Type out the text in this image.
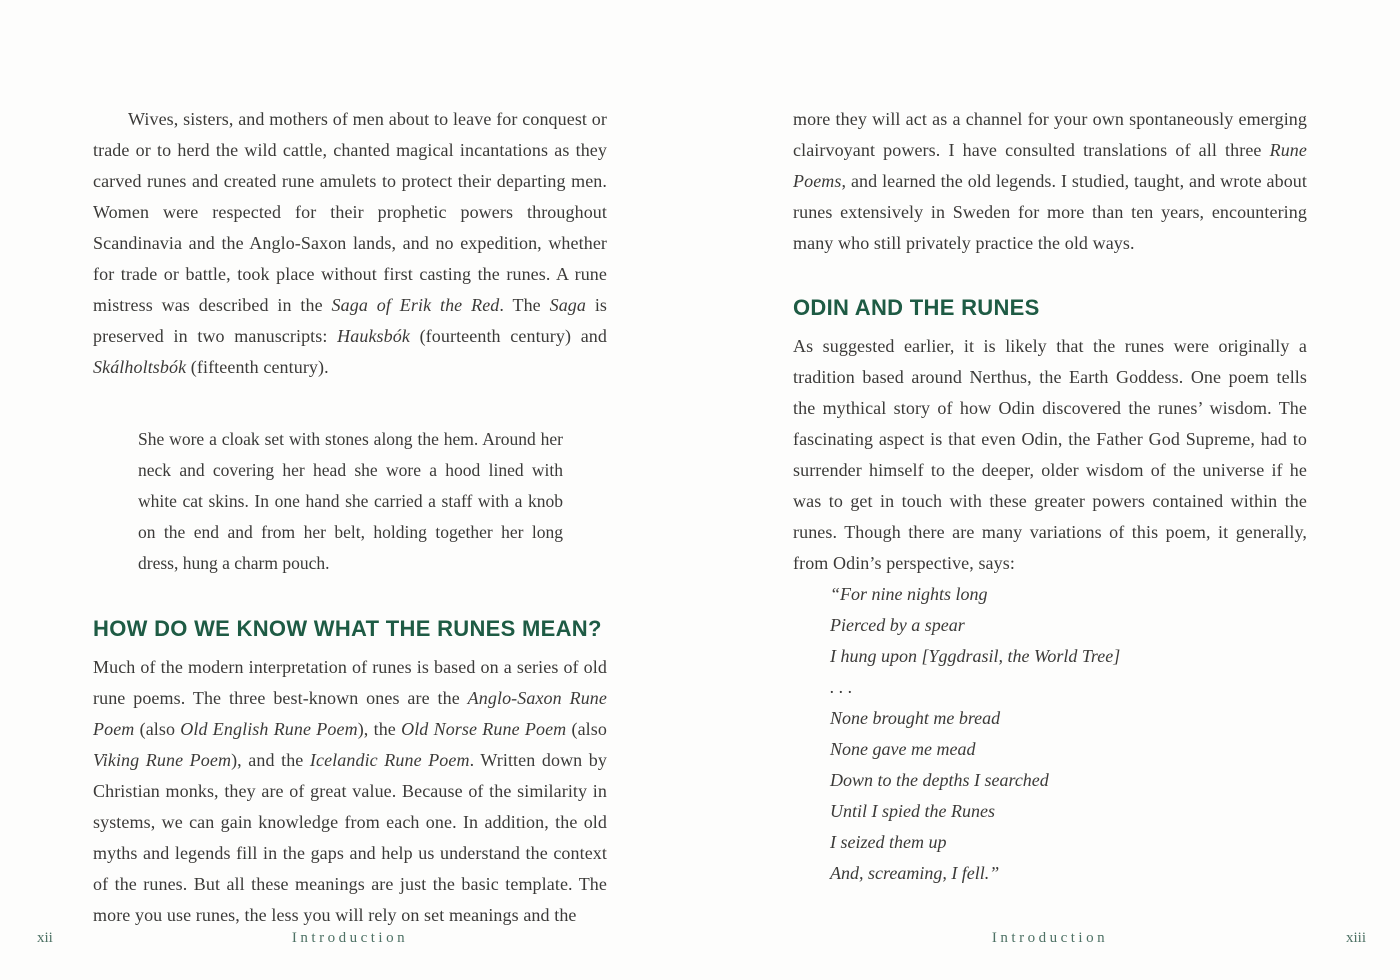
Wives, sisters, and mothers of men about to leave for conquest or trade or to herd the wild cattle, chanted magical incantations as they carved runes and created rune amulets to protect their departing men. Women were respected for their prophetic powers throughout Scandinavia and the Anglo-Saxon lands, and no expedition, whether for trade or battle, took place without first casting the runes. A rune mistress was described in the Saga of Erik the Red. The Saga is preserved in two manuscripts: Hauksbók (fourteenth century) and Skálholtsbók (fifteenth century).

She wore a cloak set with stones along the hem. Around her neck and covering her head she wore a hood lined with white cat skins. In one hand she carried a staff with a knob on the end and from her belt, holding together her long dress, hung a charm pouch.
HOW DO WE KNOW WHAT THE RUNES MEAN?

Much of the modern interpretation of runes is based on a series of old rune poems. The three best-known ones are the Anglo-Saxon Rune Poem (also Old English Rune Poem), the Old Norse Rune Poem (also Viking Rune Poem), and the Icelandic Rune Poem. Written down by Christian monks, they are of great value. Because of the similarity in systems, we can gain knowledge from each one. In addition, the old myths and legends fill in the gaps and help us understand the context of the runes. But all these meanings are just the basic template. The more you use runes, the less you will rely on set meanings and the

xii	Introduction

more they will act as a channel for your own spontaneously emerging clairvoyant powers. I have consulted translations of all three Rune Poems, and learned the old legends. I studied, taught, and wrote about runes extensively in Sweden for more than ten years, encountering many who still privately practice the old ways.

ODIN AND THE RUNES

As suggested earlier, it is likely that the runes were originally a tradition based around Nerthus, the Earth Goddess. One poem tells the mythical story of how Odin discovered the runes’ wisdom. The fascinating aspect is that even Odin, the Father God Supreme, had to surrender himself to the deeper, older wisdom of the universe if he was to get in touch with these greater powers contained within the runes. Though there are many variations of this poem, it generally, from Odin’s perspective, says:

“For nine nights long
Pierced by a spear
I hung upon [Yggdrasil, the World Tree]
. . .
None brought me bread
None gave me mead
Down to the depths I searched
Until I spied the Runes
I seized them up
And, screaming, I fell.”
Introduction	xiii
